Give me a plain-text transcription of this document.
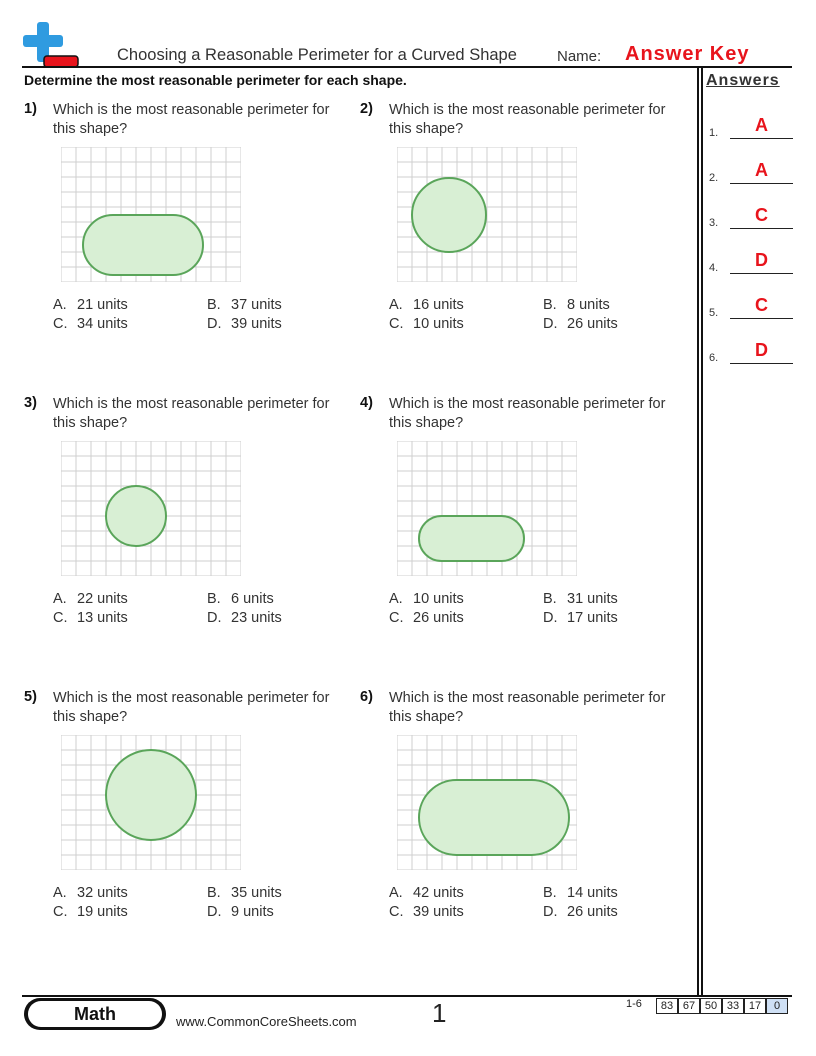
Choosing a Reasonable Perimeter for a Curved Shape	Name: Answer Key
Determine the most reasonable perimeter for each shape.	Answers
1.	A
2.	A
3.	C
4.	D
5.	C
6.	D
1) Which is the most reasonable perimeter for this shape?
A. 21 units	B. 37 units
C. 34 units	D. 39 units
2) Which is the most reasonable perimeter for this shape?
A. 16 units	B. 8 units
C. 10 units	D. 26 units
3) Which is the most reasonable perimeter for this shape?
A. 22 units	B. 6 units
C. 13 units	D. 23 units
4) Which is the most reasonable perimeter for this shape?
A. 10 units	B. 31 units
C. 26 units	D. 17 units
5) Which is the most reasonable perimeter for this shape?
A. 32 units	B. 35 units
C. 19 units	D. 9 units
6) Which is the most reasonable perimeter for this shape?
A. 42 units	B. 14 units
C. 39 units	D. 26 units
Math	www.CommonCoreSheets.com	1	1-6	83 67 50 33 17	0
